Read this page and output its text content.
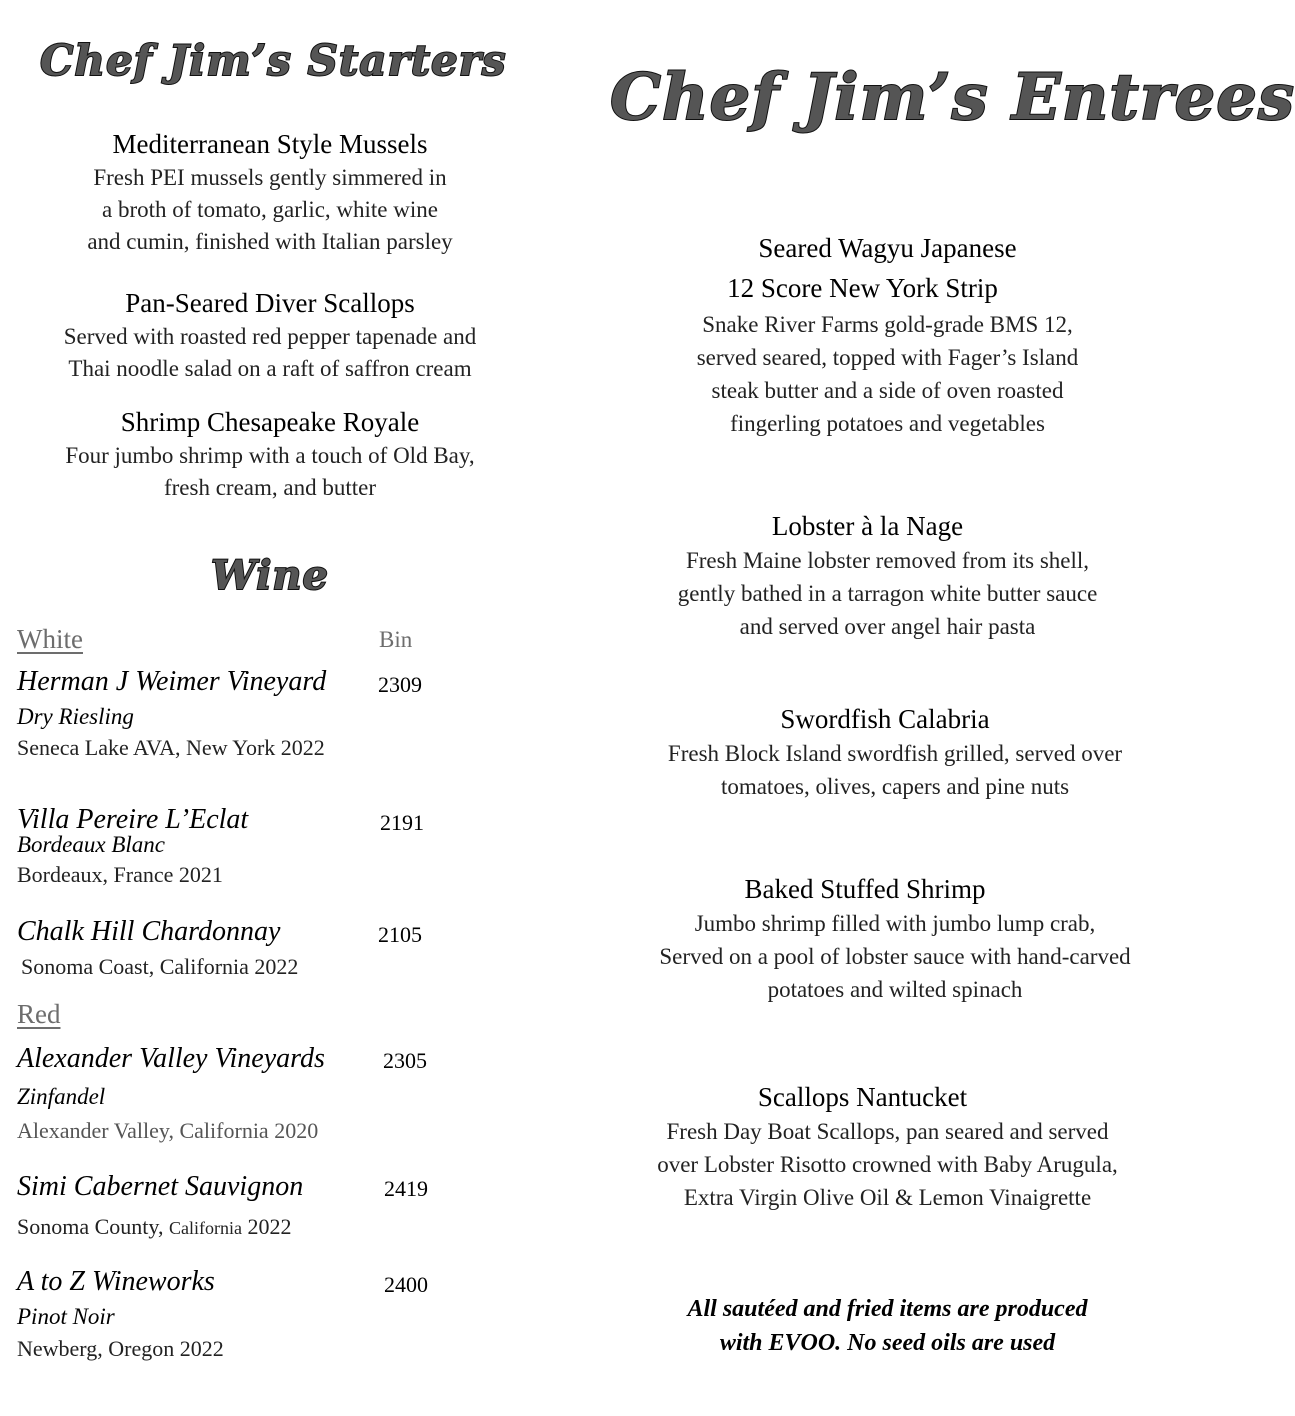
Chef Jim’s Starters
Mediterranean Style Mussels
Fresh PEI mussels gently simmered in
a broth of tomato, garlic, white wine
and cumin, finished with Italian parsley
Pan-Seared Diver Scallops
Served with roasted red pepper tapenade and
Thai noodle salad on a raft of saffron cream
Shrimp Chesapeake Royale
Four jumbo shrimp with a touch of Old Bay,
fresh cream, and butter
Wine
White	Bin
Herman J Weimer Vineyard 2309
Dry Riesling
Seneca Lake AVA, New York 2022
Villa Pereire L’Eclat	2191
Bordeaux Blanc
Bordeaux, France 2021
Chalk Hill Chardonnay	2105
Sonoma Coast, California 2022
Red
Alexander Valley Vineyards	2305
Zinfandel
Alexander Valley, California 2020
Simi Cabernet Sauvignon	2419
Sonoma County, California 2022
A to Z Wineworks	2400
Pinot Noir
Newberg, Oregon 2022
Chef Jim’s Entrees
Seared Wagyu Japanese
12 Score New York Strip
Snake River Farms gold-grade BMS 12,
served seared, topped with Fager’s Island
steak butter and a side of oven roasted
fingerling potatoes and vegetables
Lobster à la Nage
Fresh Maine lobster removed from its shell,
gently bathed in a tarragon white butter sauce
and served over angel hair pasta
Swordfish Calabria
Fresh Block Island swordfish grilled, served over
tomatoes, olives, capers and pine nuts
Baked Stuffed Shrimp
Jumbo shrimp filled with jumbo lump crab,
Served on a pool of lobster sauce with hand-carved
potatoes and wilted spinach
Scallops Nantucket
Fresh Day Boat Scallops, pan seared and served
over Lobster Risotto crowned with Baby Arugula,
Extra Virgin Olive Oil & Lemon Vinaigrette
All sautéed and fried items are produced
with EVOO. No seed oils are used
